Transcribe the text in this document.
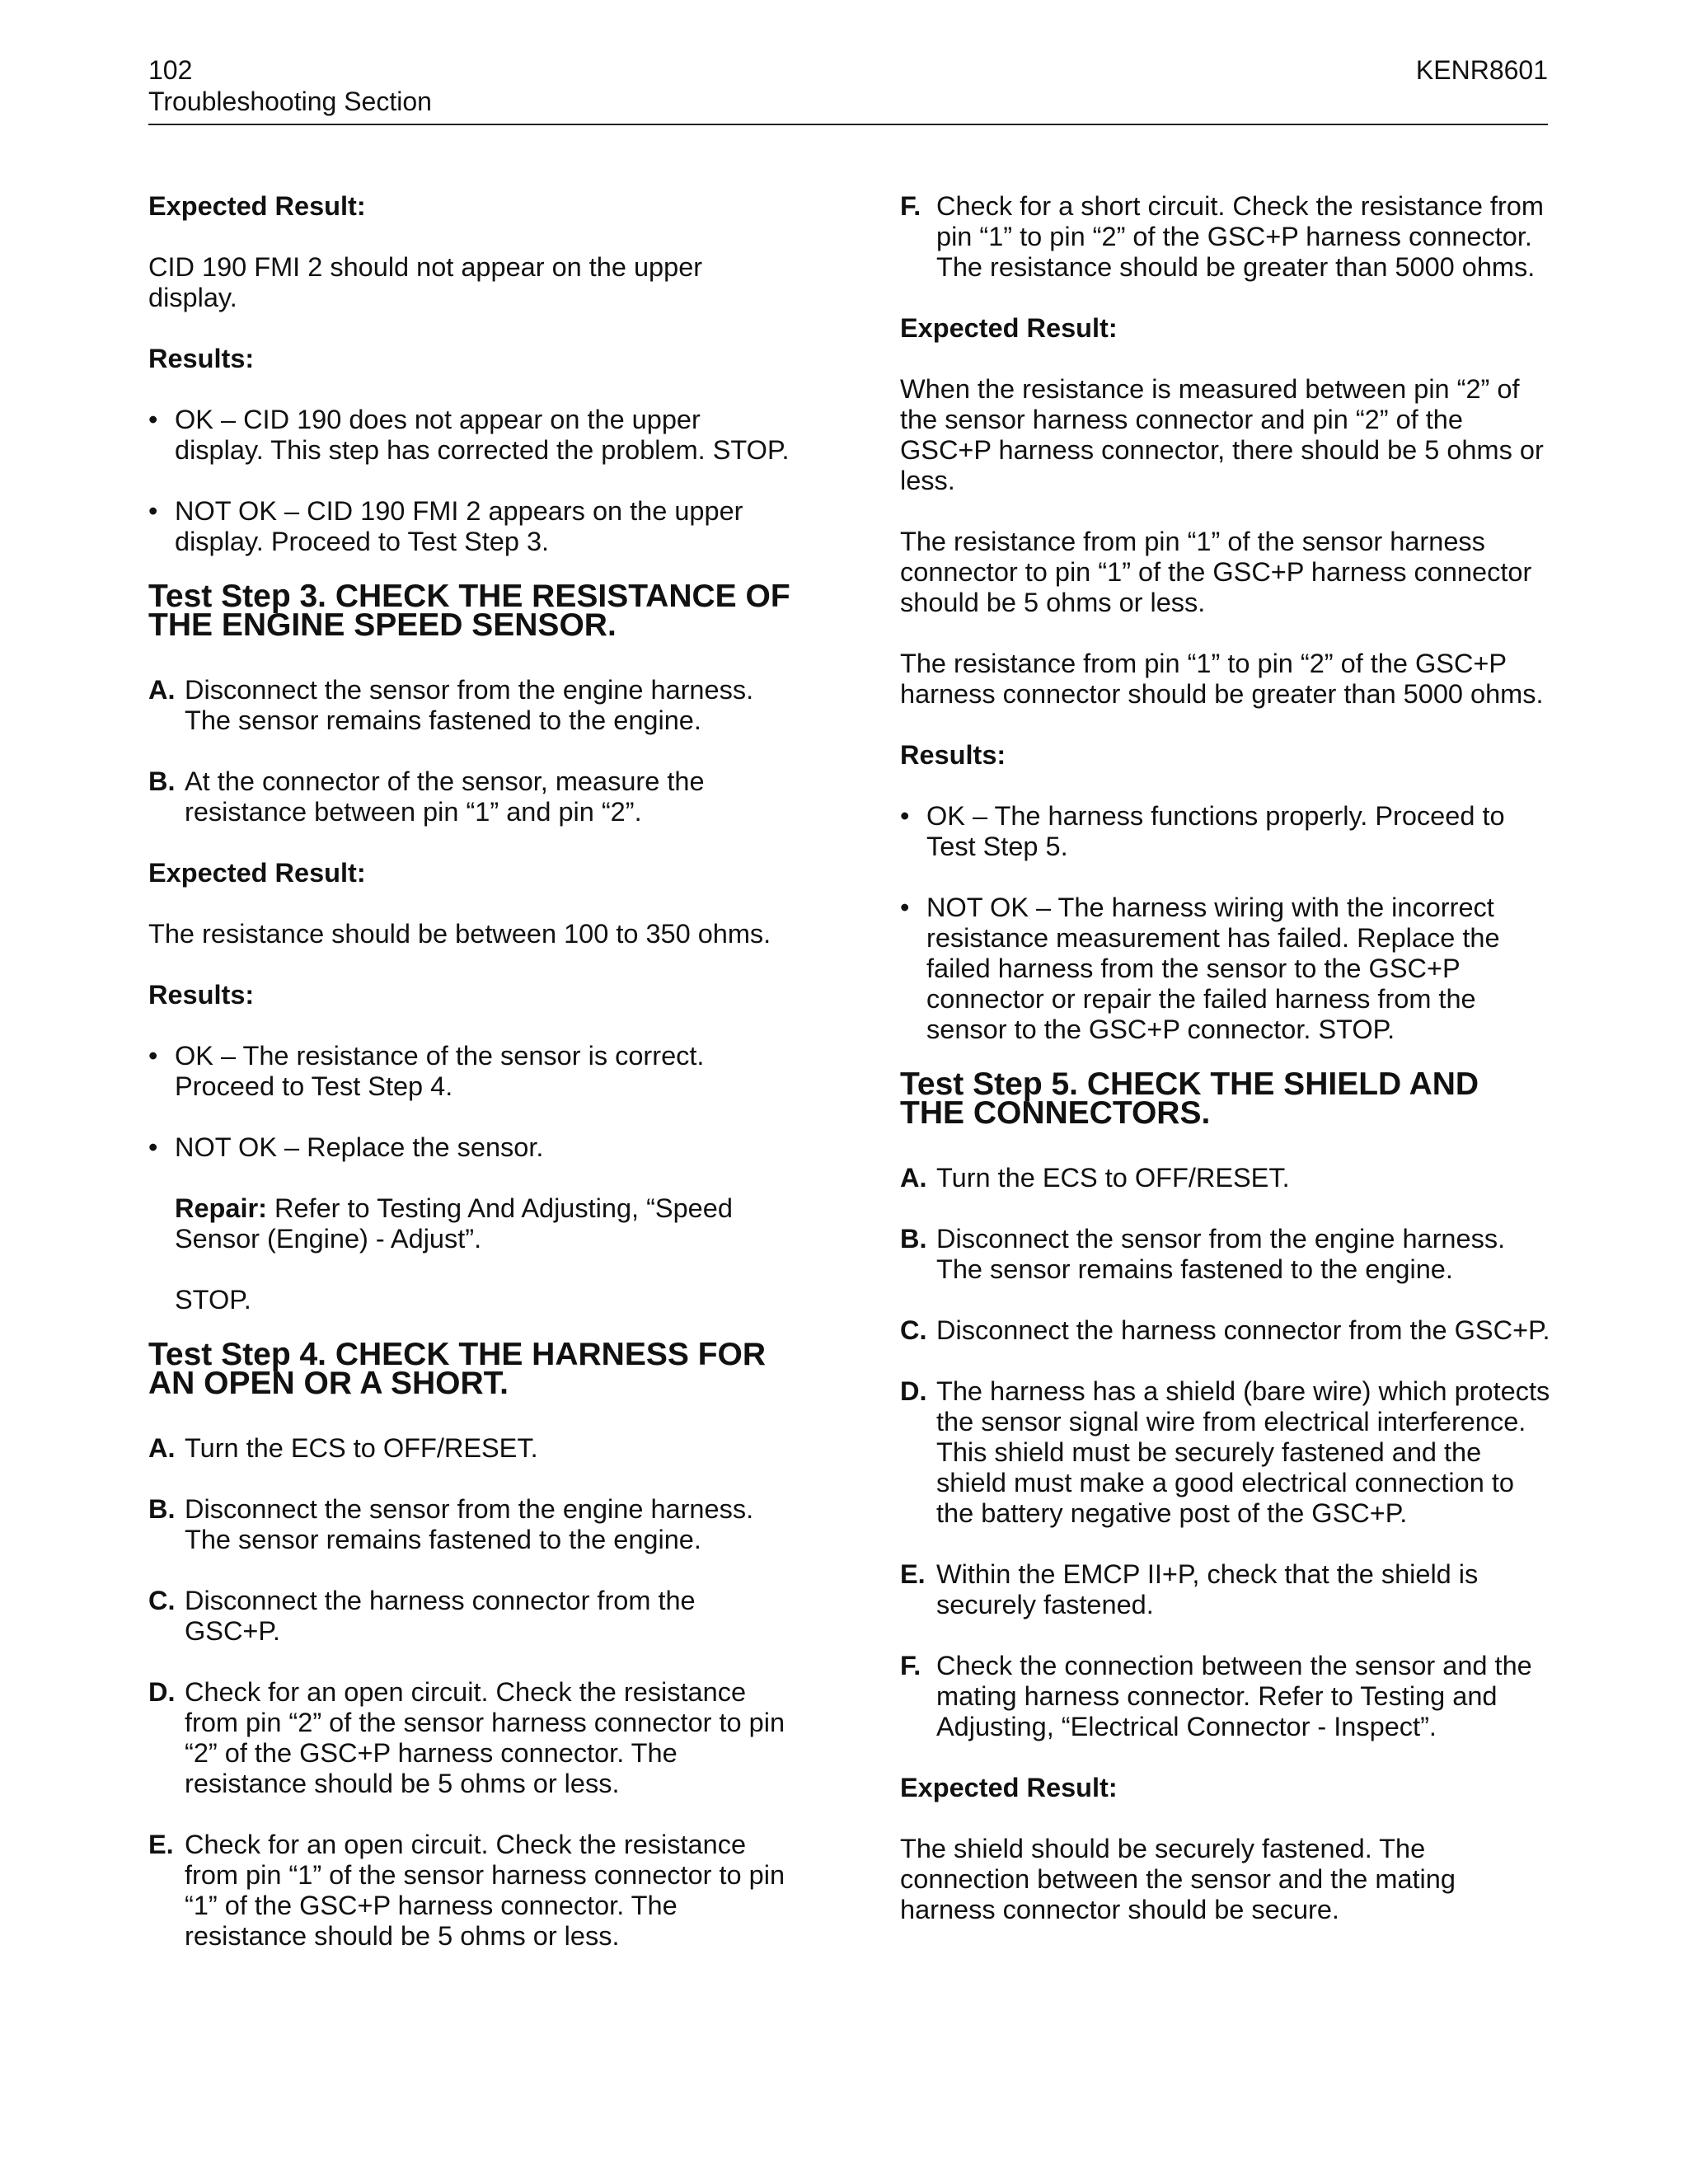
102
Troubleshooting Section
KENR8601
Expected Result:
CID 190 FMI 2 should not appear on the upper display.
Results:
• OK – CID 190 does not appear on the upper display. This step has corrected the problem. STOP.
• NOT OK – CID 190 FMI 2 appears on the upper display. Proceed to Test Step 3.
Test Step 3. CHECK THE RESISTANCE OF THE ENGINE SPEED SENSOR.
A. Disconnect the sensor from the engine harness. The sensor remains fastened to the engine.
B. At the connector of the sensor, measure the resistance between pin “1” and pin “2”.
Expected Result:
The resistance should be between 100 to 350 ohms.
Results:
• OK – The resistance of the sensor is correct. Proceed to Test Step 4.
• NOT OK – Replace the sensor.
Repair: Refer to Testing And Adjusting, “Speed Sensor (Engine) - Adjust”.
STOP.
Test Step 4. CHECK THE HARNESS FOR AN OPEN OR A SHORT.
A. Turn the ECS to OFF/RESET.
B. Disconnect the sensor from the engine harness. The sensor remains fastened to the engine.
C. Disconnect the harness connector from the GSC+P.
D. Check for an open circuit. Check the resistance from pin “2” of the sensor harness connector to pin “2” of the GSC+P harness connector. The resistance should be 5 ohms or less.
E. Check for an open circuit. Check the resistance from pin “1” of the sensor harness connector to pin “1” of the GSC+P harness connector. The resistance should be 5 ohms or less.
F. Check for a short circuit. Check the resistance from pin “1” to pin “2” of the GSC+P harness connector. The resistance should be greater than 5000 ohms.
Expected Result:
When the resistance is measured between pin “2” of the sensor harness connector and pin “2” of the GSC+P harness connector, there should be 5 ohms or less.
The resistance from pin “1” of the sensor harness connector to pin “1” of the GSC+P harness connector should be 5 ohms or less.
The resistance from pin “1” to pin “2” of the GSC+P harness connector should be greater than 5000 ohms.
Results:
• OK – The harness functions properly. Proceed to Test Step 5.
• NOT OK – The harness wiring with the incorrect resistance measurement has failed. Replace the failed harness from the sensor to the GSC+P connector or repair the failed harness from the sensor to the GSC+P connector. STOP.
Test Step 5. CHECK THE SHIELD AND THE CONNECTORS.
A. Turn the ECS to OFF/RESET.
B. Disconnect the sensor from the engine harness. The sensor remains fastened to the engine.
C. Disconnect the harness connector from the GSC+P.
D. The harness has a shield (bare wire) which protects the sensor signal wire from electrical interference. This shield must be securely fastened and the shield must make a good electrical connection to the battery negative post of the GSC+P.
E. Within the EMCP II+P, check that the shield is securely fastened.
F. Check the connection between the sensor and the mating harness connector. Refer to Testing and Adjusting, “Electrical Connector - Inspect”.
Expected Result:
The shield should be securely fastened. The connection between the sensor and the mating harness connector should be secure.
